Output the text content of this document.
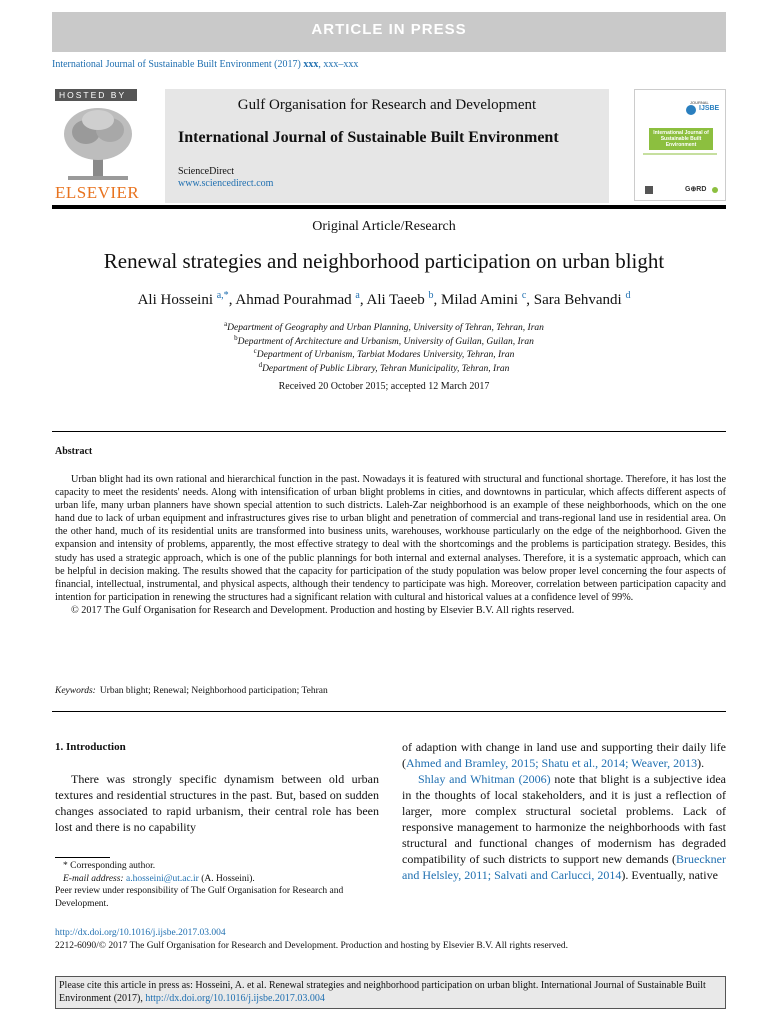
ARTICLE IN PRESS
International Journal of Sustainable Built Environment (2017) xxx, xxx–xxx
HOSTED BY
ELSEVIER
Gulf Organisation for Research and Development
International Journal of Sustainable Built Environment
ScienceDirect
www.sciencedirect.com
JOURNAL
IJSBE
International Journal of Sustainable Built Environment
G⊕RD
Original Article/Research
Renewal strategies and neighborhood participation on urban blight
Ali Hosseini $^{a,*}$, Ahmad Pourahmad $^a$, Ali Taeeb $^b$, Milad Amini $^c$, Sara Behvandi $^d$
$^a$Department of Geography and Urban Planning, University of Tehran, Tehran, Iran
$^b$Department of Architecture and Urbanism, University of Guilan, Guilan, Iran
$^c$Department of Urbanism, Tarbiat Modares University, Tehran, Iran
$^d$Department of Public Library, Tehran Municipality, Tehran, Iran
Received 20 October 2015; accepted 12 March 2017
Abstract

Urban blight had its own rational and hierarchical function in the past. Nowadays it is featured with structural and functional shortage. Therefore, it has lost the capacity to meet the residents' needs. Along with intensification of urban blight problems in cities, and downtowns in particular, which affects different aspects of urban life, many urban planners have shown special attention to such districts. Laleh-Zar neighborhood is an example of these neighborhoods, which on the one hand due to lack of urban equipment and infrastructures gives rise to urban blight and penetration of commercial and trans-regional land use in residential area. On the other hand, much of its residential units are transformed into business units, warehouses, workhouse particularly on the edge of the neighborhood. Given the expansion and intensity of problems, apparently, the most effective strategy to deal with the shortcomings and the problems is participation strategy. Besides, this study has used a strategic approach, which is one of the public plannings for both internal and external analyses. Therefore, it is a systematic approach, which can be helpful in decision making. The results showed that the capacity for participation of the study population was below proper level concerning the four aspects of financial, intellectual, instrumental, and physical aspects, although their tendency to participate was high. Moreover, correlation between participation capacity and intention for participation in renewing the structures had a significant relation with cultural and historical values at a confidence level of 99%.

© 2017 The Gulf Organisation for Research and Development. Production and hosting by Elsevier B.V. All rights reserved.

Keywords: Urban blight; Renewal; Neighborhood participation; Tehran
1. Introduction

There was strongly specific dynamism between old urban textures and residential structures in the past. But, based on sudden changes associated to rapid urbanism, their central role has been lost and there is no capability

of adaption with change in land use and supporting their daily life (Ahmed and Bramley, 2015; Shatu et al., 2014; Weaver, 2013).

Shlay and Whitman (2006) note that blight is a subjective idea in the thoughts of local stakeholders, and it is just a reflection of larger, more complex structural societal problems. Lack of responsive management to harmonize the neighborhoods with fast structural and functional changes of modernism has degraded compatibility of such districts to support new demands (Brueckner and Helsley, 2011; Salvati and Carlucci, 2014). Eventually, native

* Corresponding author.
E-mail address: a.hosseini@ut.ac.ir (A. Hosseini).
Peer review under responsibility of The Gulf Organisation for Research and Development.
http://dx.doi.org/10.1016/j.ijsbe.2017.03.004
2212-6090/© 2017 The Gulf Organisation for Research and Development. Production and hosting by Elsevier B.V. All rights reserved.
Please cite this article in press as: Hosseini, A. et al. Renewal strategies and neighborhood participation on urban blight. International Journal of Sustainable Built Environment (2017), http://dx.doi.org/10.1016/j.ijsbe.2017.03.004
